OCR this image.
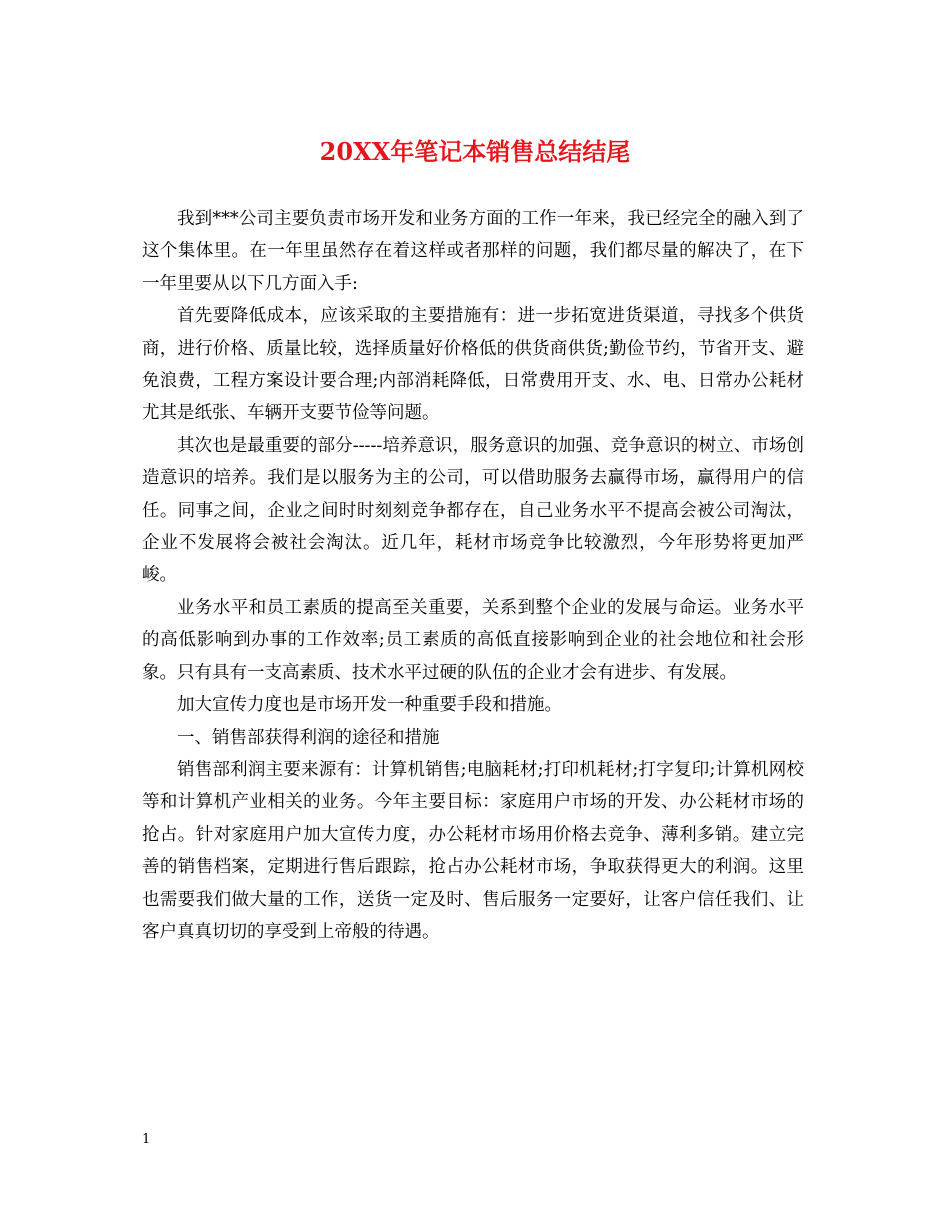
20XX年笔记本销售总结结尾

我到***公司主要负责市场开发和业务方面的工作一年来，我已经完全的融入到了这个集体里。在一年里虽然存在着这样或者那样的问题，我们都尽量的解决了，在下一年里要从以下几方面入手:

首先要降低成本，应该采取的主要措施有：进一步拓宽进货渠道，寻找多个供货商，进行价格、质量比较，选择质量好价格低的供货商供货;勤俭节约，节省开支、避免浪费，工程方案设计要合理;内部消耗降低，日常费用开支、水、电、日常办公耗材尤其是纸张、车辆开支要节俭等问题。

其次也是最重要的部分-----培养意识，服务意识的加强、竞争意识的树立、市场创造意识的培养。我们是以服务为主的公司，可以借助服务去赢得市场，赢得用户的信任。同事之间，企业之间时时刻刻竞争都存在，自己业务水平不提高会被公司淘汰，企业不发展将会被社会淘汰。近几年，耗材市场竞争比较激烈，今年形势将更加严峻。

业务水平和员工素质的提高至关重要，关系到整个企业的发展与命运。业务水平的高低影响到办事的工作效率;员工素质的高低直接影响到企业的社会地位和社会形象。只有具有一支高素质、技术水平过硬的队伍的企业才会有进步、有发展。

加大宣传力度也是市场开发一种重要手段和措施。

一、销售部获得利润的途径和措施

销售部利润主要来源有：计算机销售;电脑耗材;打印机耗材;打字复印;计算机网校等和计算机产业相关的业务。今年主要目标：家庭用户市场的开发、办公耗材市场的抢占。针对家庭用户加大宣传力度，办公耗材市场用价格去竞争、薄利多销。建立完善的销售档案，定期进行售后跟踪，抢占办公耗材市场，争取获得更大的利润。这里也需要我们做大量的工作，送货一定及时、售后服务一定要好，让客户信任我们、让客户真真切切的享受到上帝般的待遇。

1
